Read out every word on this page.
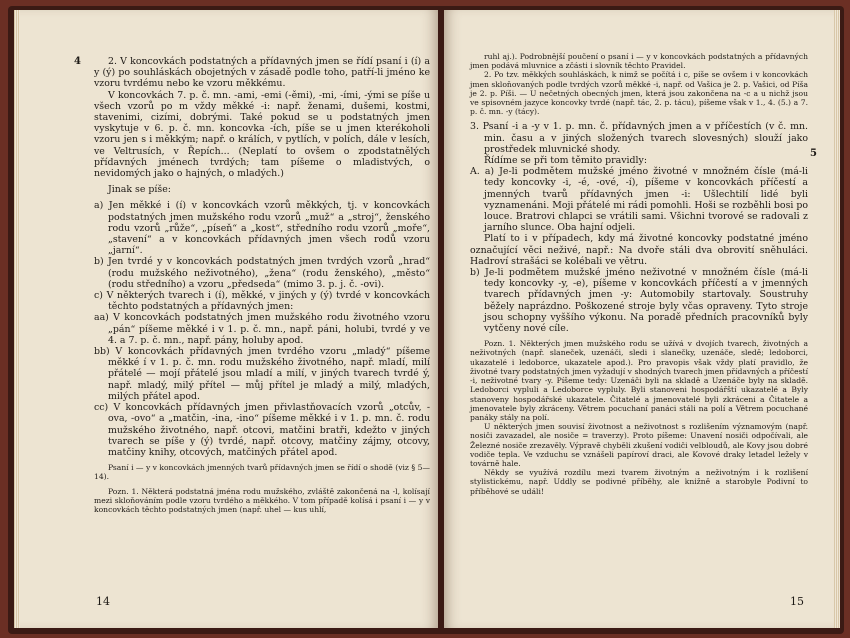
4	2. V koncovkách podstatných a přídavných jmen se řídí psaní i (í) a y (ý) po souhláskách obojetných v zásadě podle toho, patří-li jméno ke vzoru tvrdému nebo ke vzoru měkkému.

V koncovkách 7. p. č. mn. -ami, -emi (-ěmi), -mi, -ími, -ými se píše u všech vzorů po m vždy měkké -i: např. ženami, dušemi, kostmi, stavenimi, cizími, dobrými. Také pokud se u podstatných jmen vyskytuje v 6. p. č. mn. koncovka -ích, píše se u jmen kterékoholi vzoru jen s i měkkým; např. o králích, v pytlích, v polích, dále v lesích, ve Veltrusích, v Řepích... (Neplatí to ovšem o zpodstatnělých přídavných jménech tvrdých; tam píšeme o mladistvých, o nevidomých jako o hajných, o mladých.)

Jinak se píše:

a) Jen měkké i (í) v koncovkách vzorů měkkých, tj. v koncovkách podstatných jmen mužského rodu vzorů „muž“ a „stroj“, ženského rodu vzorů „růže“, „píseň“ a „kost“, středního rodu vzorů „moře“, „stavení“ a v koncovkách přídavných jmen všech rodů vzoru „jarní“.

b) Jen tvrdé y v koncovkách podstatných jmen tvrdých vzorů „hrad“ (rodu mužského neživotného), „žena“ (rodu ženského), „město“ (rodu středního) a vzoru „předseda“ (mimo 3. p. j. č. -ovi).

c) V některých tvarech i (í), měkké, v jiných y (ý) tvrdé v koncovkách těchto podstatných a přídavných jmen:

aa) V koncovkách podstatných jmen mužského rodu životného vzoru „pán“ píšeme měkké i v 1. p. č. mn., např. páni, holubi, tvrdé y ve 4. a 7. p. č. mn., např. pány, holuby apod.

bb) V koncovkách přídavných jmen tvrdého vzoru „mladý“ píšeme měkké í v 1. p. č. mn. rodu mužského životného, např. mladí, milí přátelé — mojí přátelé jsou mladí a milí, v jiných tvarech tvrdé ý, např. mladý, milý přítel — můj přítel je mladý a milý, mladých, milých přátel apod.

cc) V koncovkách přídavných jmen přivlastňovacích vzorů „otcův, -ova, -ovo“ a „matčin, -ina, -ino“ píšeme měkké i v 1. p. mn. č. rodu mužského životného, např. otcovi, matčini bratři, kdežto v jiných tvarech se píše y (ý) tvrdé, např. otcovy, matčiny zájmy, otcovy, matčiny knihy, otcových, matčiných přátel apod.

Psaní i — y v koncovkách jmenných tvarů přídavných jmen se řídí o shodě (viz § 5—14).

Pozn. 1. Některá podstatná jména rodu mužského, zvláště zakončená na -l, kolísají mezi skloňováním podle vzoru tvrdého a měkkého. V tom případě kolísá i psaní i — y v koncovkách těchto podstatných jmen (např. uhel — kus uhlí,

14
5

ruhl aj.). Podrobnější poučení o psaní i — y v koncovkách podstatných a přídavných jmen podává mluvnice a zčásti i slovník těchto Pravidel.

2. Po tzv. měkkých souhláskách, k nimž se počítá i c, píše se ovšem i v koncovkách jmen skloňovaných podle tvrdých vzorů měkké -i, např. od Vašica je 2. p. Vašici, od Píša je 2. p. Píši. — U nečetných obecných jmen, která jsou zakončena na -c a u nichž jsou ve spisovném jazyce koncovky tvrdé (např. tác, 2. p. tácu), píšeme však v 1., 4. (5.) a 7. p. č. mn. -y (tácy).

3. Psaní -i a -y v 1. p. mn. č. přídavných jmen a v příčestích (v č. mn. min. času a v jiných složených tvarech slovesných) slouží jako prostředek mluvnické shody.

Řídíme se při tom těmito pravidly:

A. a) Je-li podmětem mužské jméno životné v množném čísle (má-li tedy koncovky -i, -é, -ové, -í), píšeme v koncovkách příčestí a jmenných tvarů přídavných jmen -i: Ušlechtilí lidé byli vyznamenáni. Moji přátelé mi rádi pomohli. Hoši se rozběhli bosi po louce. Bratrovi chlapci se vrátili sami. Všichni tvorové se radovali z jarního slunce. Oba hajní odjeli.

Platí to i v případech, kdy má životné koncovky podstatné jméno označující věci neživé, např.: Na dvoře stáli dva obrovití sněhuláci. Hadroví strašáci se kolébali ve větru.

b) Je-li podmětem mužské jméno neživotné v množném čísle (má-li tedy koncovky -y, -e), píšeme v koncovkách příčestí a v jmenných tvarech přídavných jmen -y: Automobily startovaly. Soustruhy běžely naprázdno. Poškozené stroje byly včas opraveny. Tyto stroje jsou schopny vyššího výkonu. Na poradě předních pracovníků byly vytčeny nové cíle.

Pozn. 1. Některých jmen mužského rodu se užívá v dvojích tvarech, životných a neživotných (např. slaneček, uzenáči, sledi i slanečky, uzenáče, sledě; ledoborci, ukazatelé i ledoborce, ukazatele apod.). Pro pravopis však vždy platí pravidlo, že životné tvary podstatných jmen vyžadují v shodných tvarech jmen přídavných a příčestí -i, neživotné tvary -y. Píšeme tedy: Uzenáči byli na skladě a Uzenáče byly na skladě. Ledoborci vypluli a Ledoborce vypluly. Byli stanoveni hospodářští ukazatelé a Byly stanoveny hospodářské ukazatele. Čitatelé a jmenovatelé byli zkráceni a Čitatele a jmenovatele byly zkráceny. Větrem pocuchaní panáci stáli na polí a Větrem pocuchané panáky stály na polí.

U některých jmen souvisí životnost a neživotnost s rozlišením významovým (např. nosiči zavazadel, ale nosiče = traverzy). Proto píšeme: Unavení nosiči odpočívali, ale Železné nosiče zrezavěly. Výpravě chyběli zkušení vodiči velbloudů, ale Kovy jsou dobré vodiče tepla. Ve vzduchu se vznášeli papíroví draci, ale Kovové draky letadel ležely v továrně hale.

Někdy se využívá rozdílu mezi tvarem životným a neživotným i k rozlišení stylistickému, např. Uddly se podivné příběhy, ale knižně a starobyle Podivní to příběhové se událi!

15
